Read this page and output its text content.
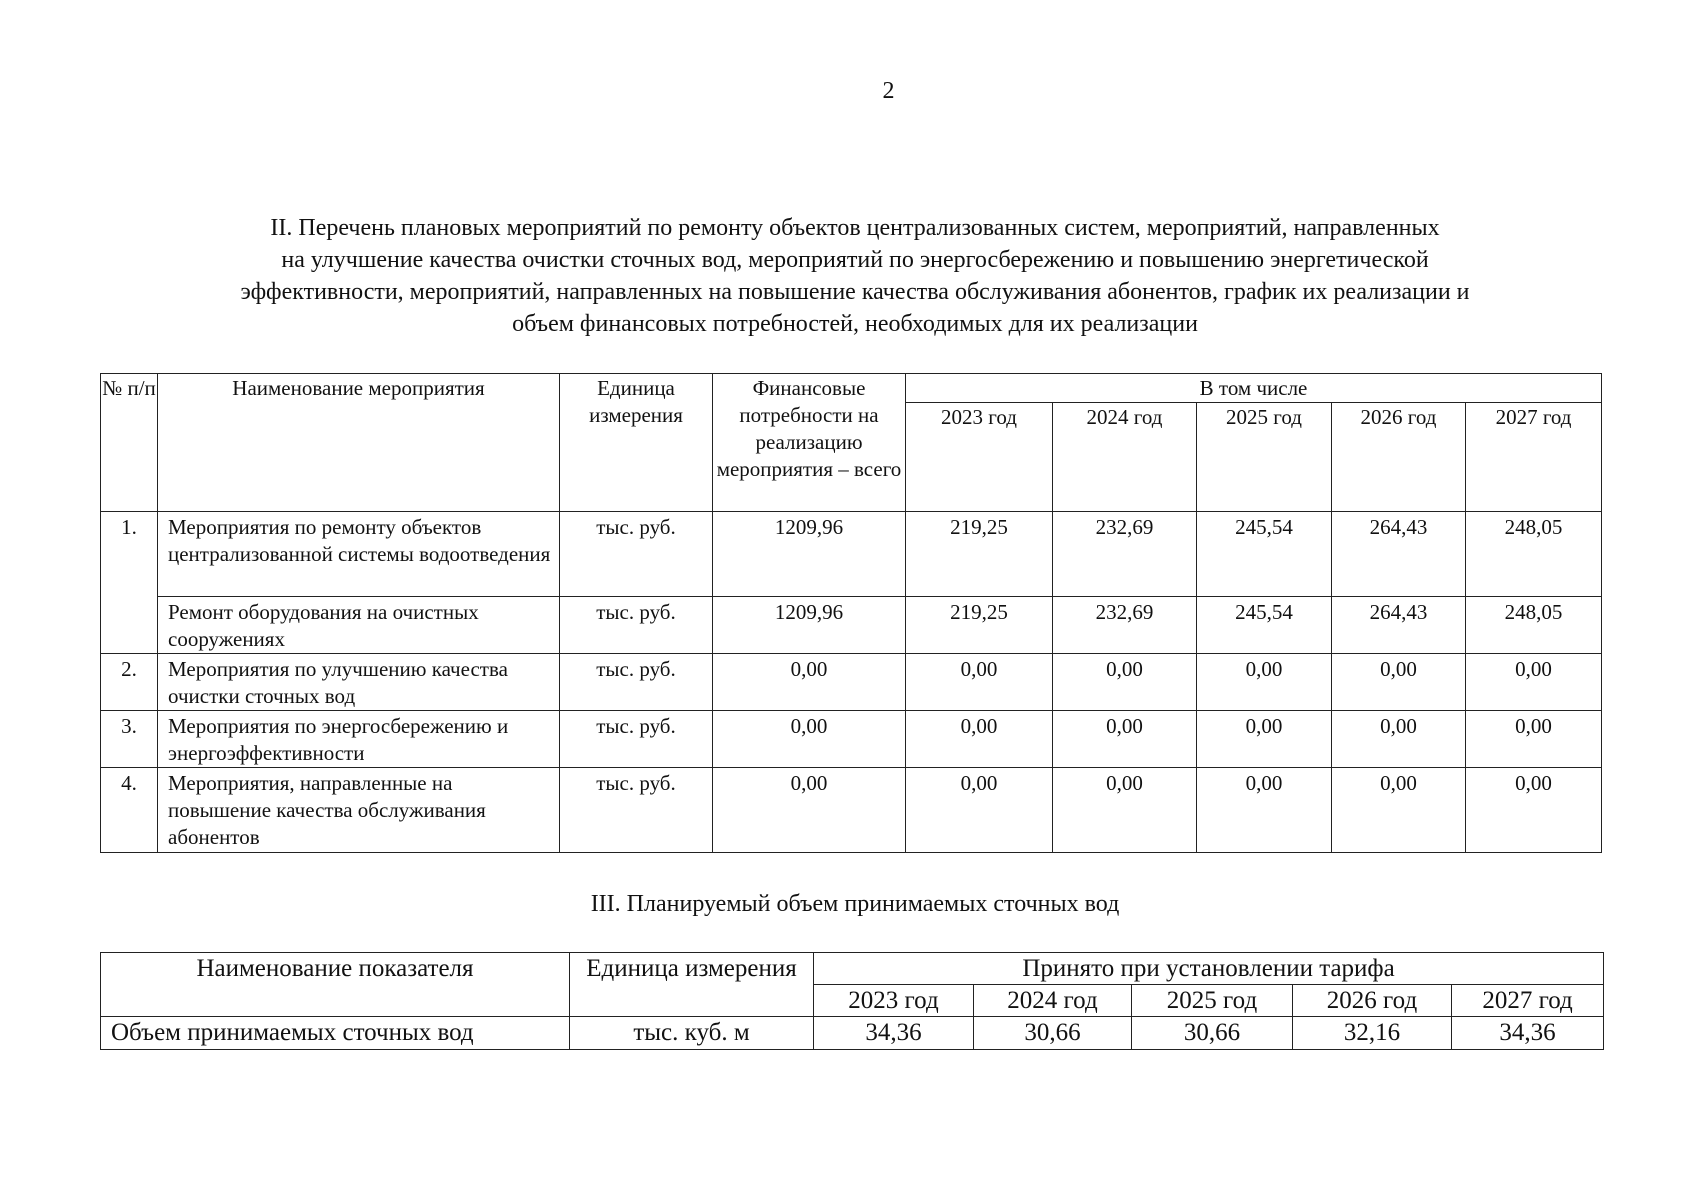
2
II. Перечень плановых мероприятий по ремонту объектов централизованных систем, мероприятий, направленных
на улучшение качества очистки сточных вод, мероприятий по энергосбережению и повышению энергетической
эффективности, мероприятий, направленных на повышение качества обслуживания абонентов, график их реализации и
объем финансовых потребностей, необходимых для их реализации
№ п/п	Наименование мероприятия	Единица измерения	Финансовые потребности на реализацию мероприятия – всего	В том числе				
				2023 год	2024 год	2025 год	2026 год	2027 год
1.	Мероприятия по ремонту объектов централизованной системы водоотведения	тыс. руб.	1209,96	219,25	232,69	245,54	264,43	248,05
	Ремонт оборудования на очистных сооружениях	тыс. руб.	1209,96	219,25	232,69	245,54	264,43	248,05
2.	Мероприятия по улучшению качества очистки сточных вод	тыс. руб.	0,00	0,00	0,00	0,00	0,00	0,00
3.	Мероприятия по энергосбережению и энергоэффективности	тыс. руб.	0,00	0,00	0,00	0,00	0,00	0,00
4.	Мероприятия, направленные на повышение качества обслуживания абонентов	тыс. руб.	0,00	0,00	0,00	0,00	0,00	0,00
III. Планируемый объем принимаемых сточных вод
Наименование показателя	Единица измерения	Принято при установлении тарифа				
		2023 год	2024 год	2025 год	2026 год	2027 год
Объем принимаемых сточных вод	тыс. куб. м	34,36	30,66	30,66	32,16	34,36
